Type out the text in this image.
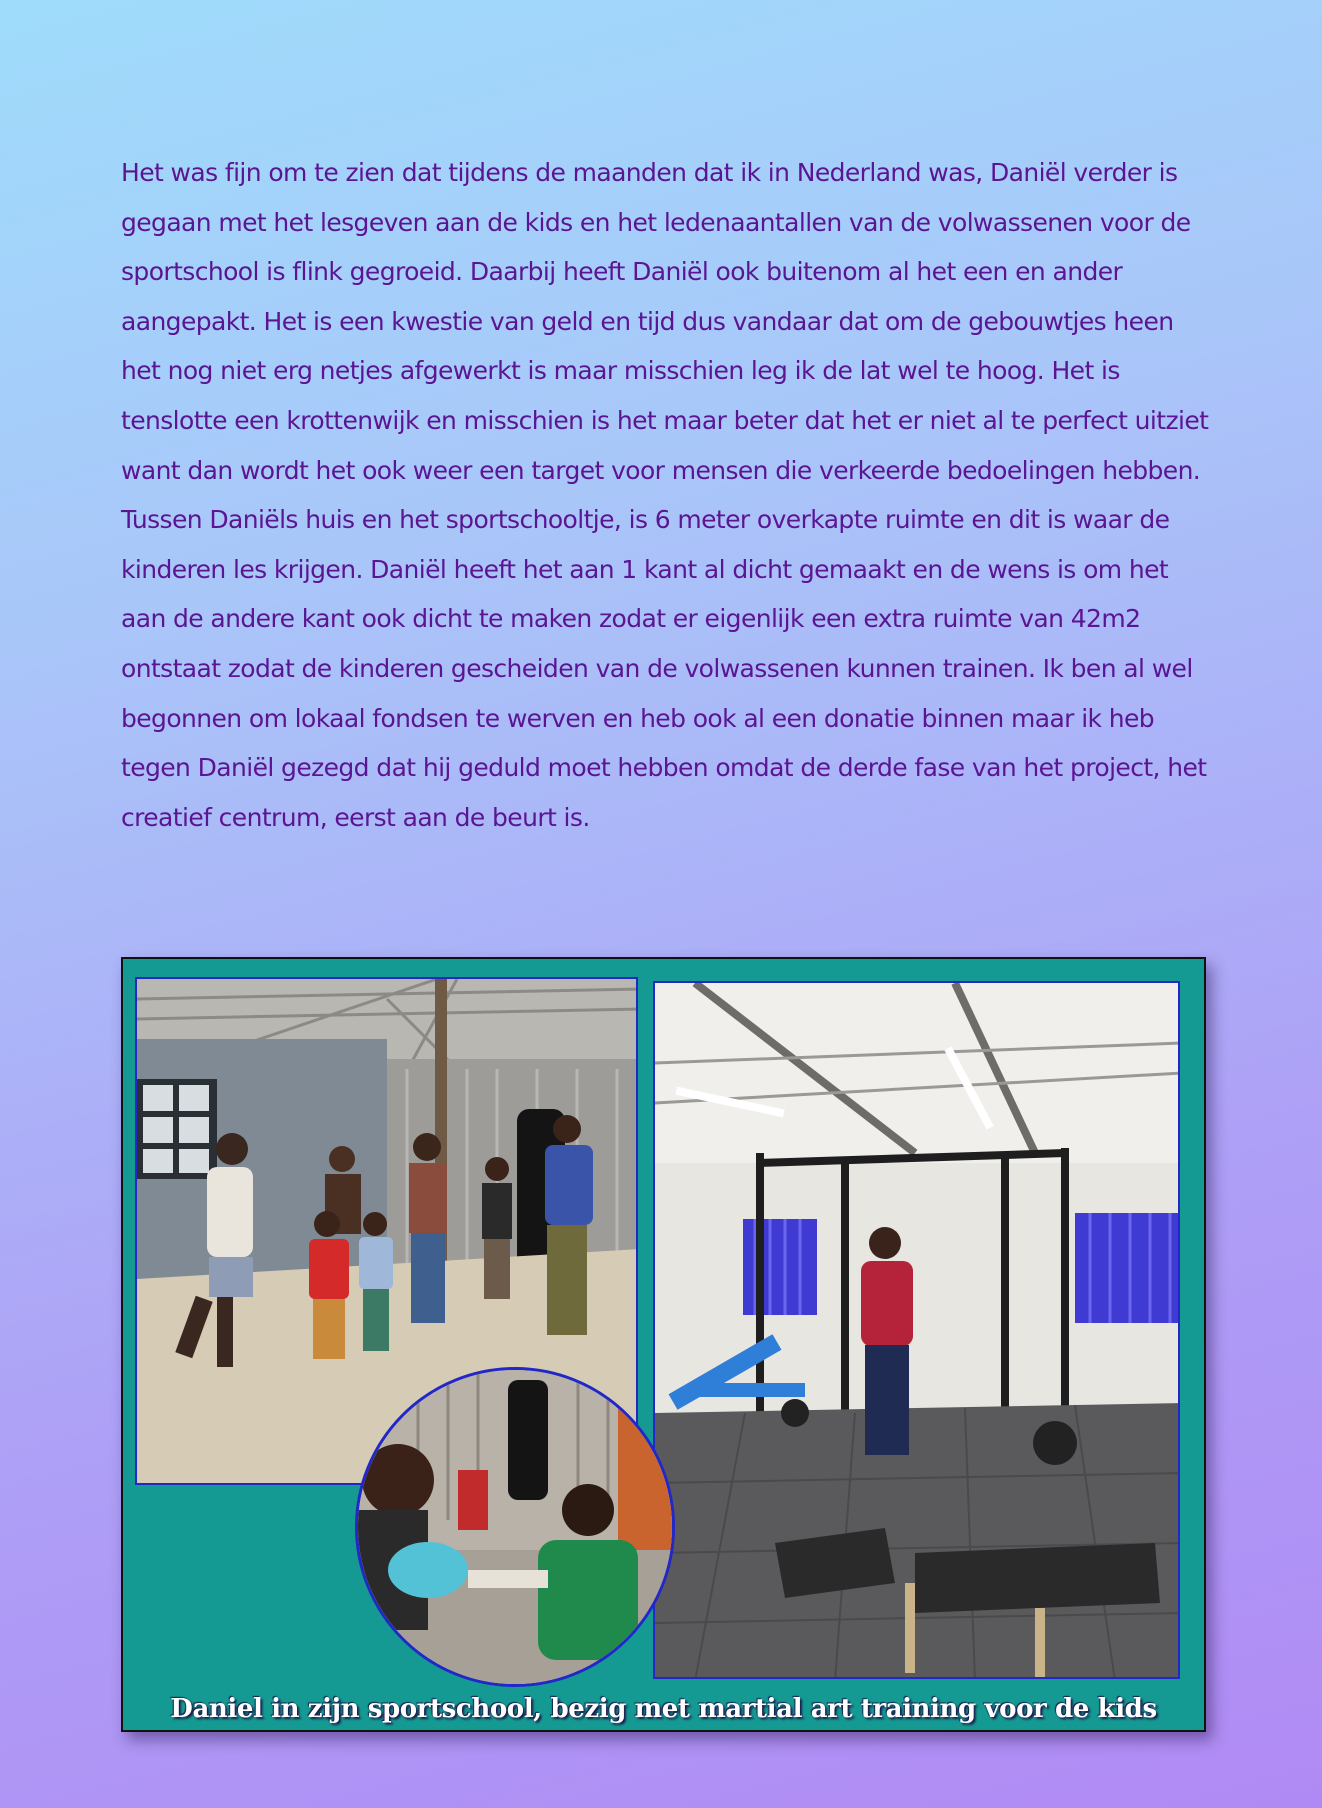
Het was fijn om te zien dat tijdens de maanden dat ik in Nederland was, Daniël verder is gegaan met het lesgeven aan de kids en het ledenaantallen van de volwassenen voor de sportschool is flink gegroeid. Daarbij heeft Daniël ook buitenom al het een en ander aangepakt. Het is een kwestie van geld en tijd dus vandaar dat om de gebouwtjes heen het nog niet erg netjes afgewerkt is maar misschien leg ik de lat wel te hoog. Het is tenslotte een krottenwijk en misschien is het maar beter dat het er niet al te perfect uitziet want dan wordt het ook weer een target voor mensen die verkeerde bedoelingen hebben.

Tussen Daniëls huis en het sportschooltje, is 6 meter overkapte ruimte en dit is waar de kinderen les krijgen. Daniël heeft het aan 1 kant al dicht gemaakt en de wens is om het aan de andere kant ook dicht te maken zodat er eigenlijk een extra ruimte van 42m2 ontstaat zodat de kinderen gescheiden van de volwassenen kunnen trainen. Ik ben al wel begonnen om lokaal fondsen te werven en heb ook al een donatie binnen maar ik heb tegen Daniël gezegd dat hij geduld moet hebben omdat de derde fase van het project, het creatief centrum, eerst aan de beurt is.

Daniel in zijn sportschool, bezig met martial art training voor de kids
